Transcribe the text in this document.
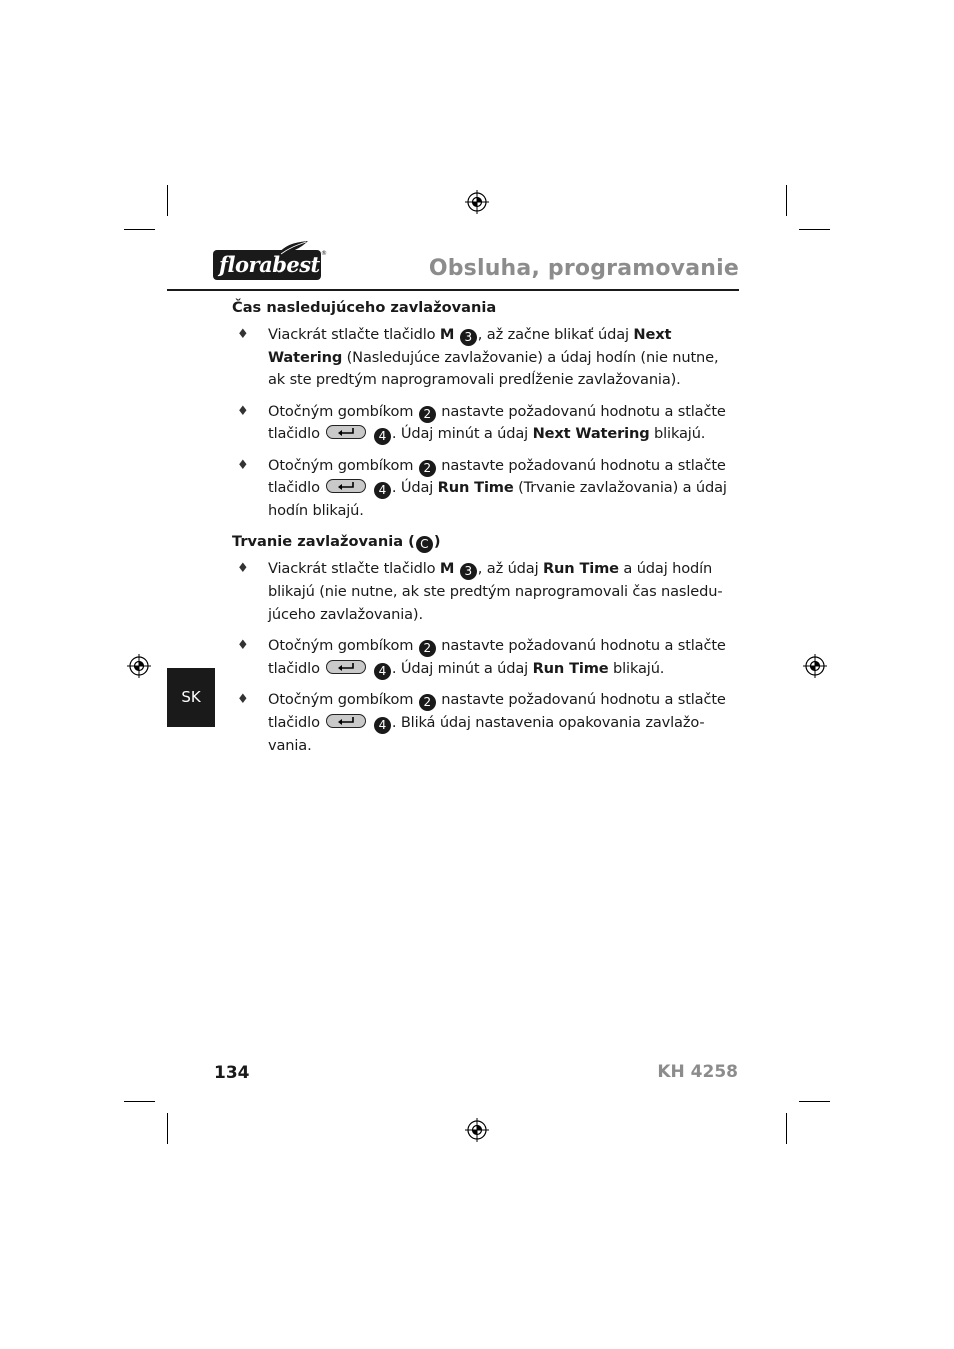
florabest ®
Obsluha, programovanie
Čas nasledujúceho zavlažovania
♦ Viackrát stlačte tlačidlo M 3 , až začne blikať údaj Next Watering (Nasledujúce zavlažovanie) a údaj hodín (nie nutne, ak ste predtým naprogramovali predĺženie zavlažovania).
♦ Otočným gombíkom 2 nastavte požadovanú hodnotu a stlačte tlačidlo	4 . Údaj minút a údaj Next Watering blikajú.
♦ Otočným gombíkom 2 nastavte požadovanú hodnotu a stlačte tlačidlo	4 . Údaj Run Time (Trvanie zavlažovania) a údaj hodín blikajú.
Trvanie zavlažovania ( C )
♦ Viackrát stlačte tlačidlo M 3 , až údaj Run Time a údaj hodín blikajú (nie nutne, ak ste predtým naprogramovali čas nasledu-júceho zavlažovania).
♦ Otočným gombíkom 2 nastavte požadovanú hodnotu a stlačte tlačidlo	4 . Údaj minút a údaj Run Time blikajú.
♦ Otočným gombíkom 2 nastavte požadovanú hodnotu a stlačte tlačidlo	4 . Bliká údaj nastavenia opakovania zavlažo-vania.
SK
134	KH 4258
